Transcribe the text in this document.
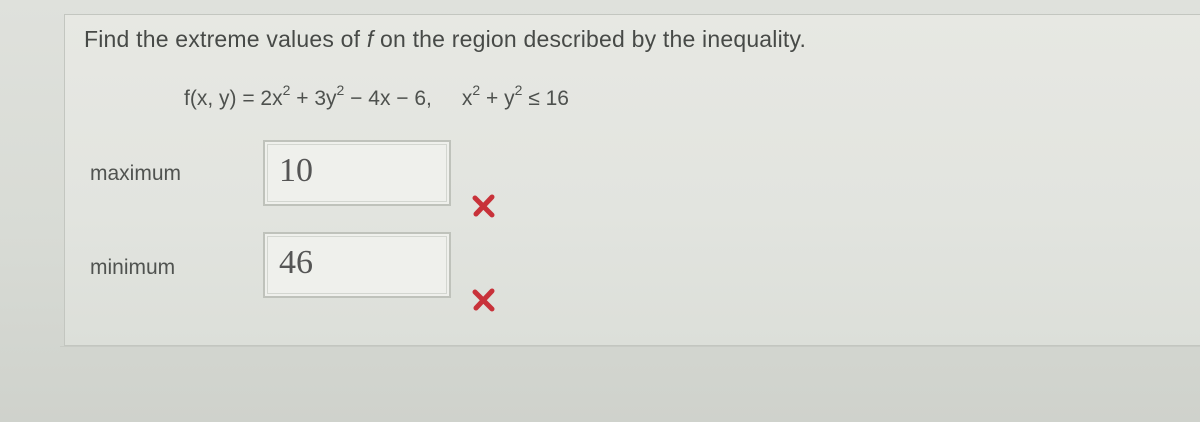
Find the extreme values of f on the region described by the inequality.
f(x, $y) = 2x^2 + 3y^2 - 4x - 6$, $x^2 + y^2 \le 16$
maximum	10
minimum	46
